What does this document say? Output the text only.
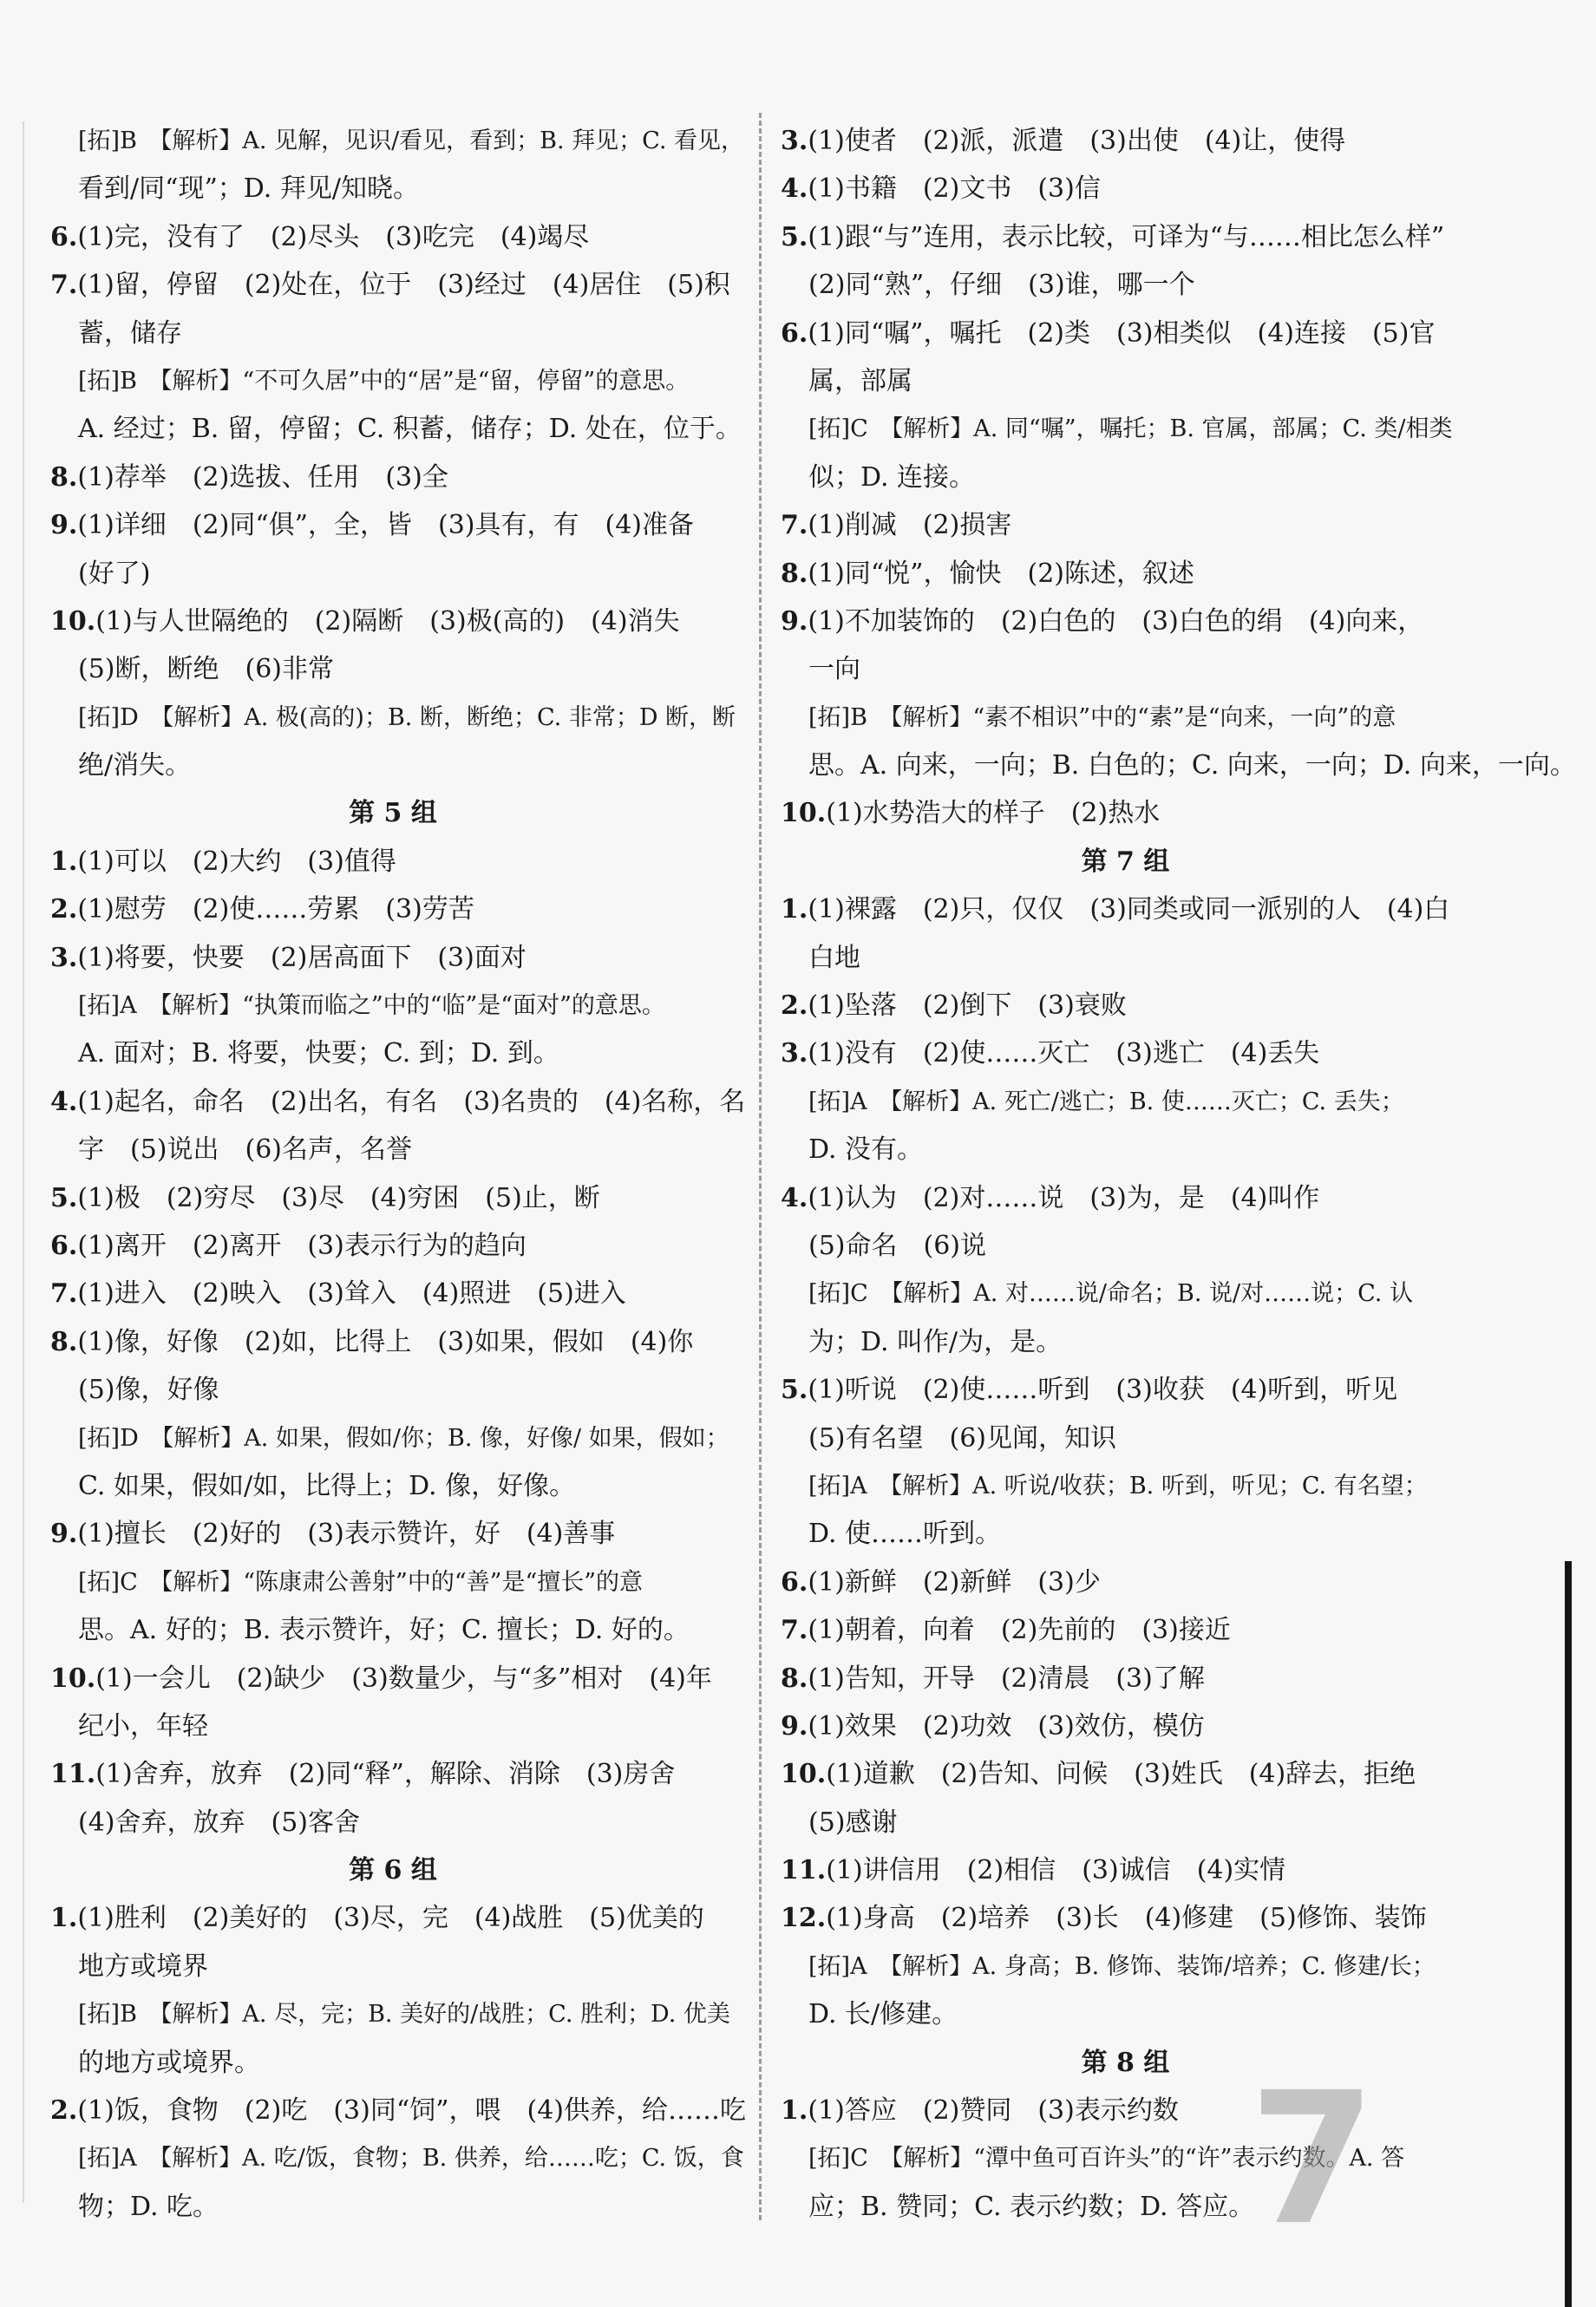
[拓]B　【解析】A. 见解，见识/看见，看到；B. 拜见；C. 看见，
看到/同“现”；D. 拜见/知晓。
6.(1)完，没有了　(2)尽头　(3)吃完　(4)竭尽
7.(1)留，停留　(2)处在，位于　(3)经过　(4)居住　(5)积
蓄，储存
[拓]B　【解析】“不可久居”中的“居”是“留，停留”的意思。
A. 经过；B. 留，停留；C. 积蓄，储存；D. 处在，位于。
8.(1)荐举　(2)选拔、任用　(3)全
9.(1)详细　(2)同“俱”，全，皆　(3)具有，有　(4)准备
(好了)
10.(1)与人世隔绝的　(2)隔断　(3)极(高的)　(4)消失
(5)断，断绝　(6)非常
[拓]D　【解析】A. 极(高的)；B. 断，断绝；C. 非常；D 断，断
绝/消失。
第 5 组
1.(1)可以　(2)大约　(3)值得
2.(1)慰劳　(2)使……劳累　(3)劳苦
3.(1)将要，快要　(2)居高面下　(3)面对
[拓]A　【解析】“执策而临之”中的“临”是“面对”的意思。
A. 面对；B. 将要，快要；C. 到；D. 到。
4.(1)起名，命名　(2)出名，有名　(3)名贵的　(4)名称，名
字　(5)说出　(6)名声，名誉
5.(1)极　(2)穷尽　(3)尽　(4)穷困　(5)止，断
6.(1)离开　(2)离开　(3)表示行为的趋向
7.(1)进入　(2)映入　(3)耸入　(4)照进　(5)进入
8.(1)像，好像　(2)如，比得上　(3)如果，假如　(4)你
(5)像，好像
[拓]D　【解析】A. 如果，假如/你；B. 像，好像/ 如果，假如；
C. 如果，假如/如，比得上；D. 像，好像。
9.(1)擅长　(2)好的　(3)表示赞许，好　(4)善事
[拓]C　【解析】“陈康肃公善射”中的“善”是“擅长”的意
思。A. 好的；B. 表示赞许，好；C. 擅长；D. 好的。
10.(1)一会儿　(2)缺少　(3)数量少，与“多”相对　(4)年
纪小，年轻
11.(1)舍弃，放弃　(2)同“释”，解除、消除　(3)房舍
(4)舍弃，放弃　(5)客舍
第 6 组
1.(1)胜利　(2)美好的　(3)尽，完　(4)战胜　(5)优美的
地方或境界
[拓]B　【解析】A. 尽，完；B. 美好的/战胜；C. 胜利；D. 优美
的地方或境界。
2.(1)饭，食物　(2)吃　(3)同“饲”，喂　(4)供养，给……吃
[拓]A　【解析】A. 吃/饭，食物；B. 供养，给……吃；C. 饭，食
物；D. 吃。
3.(1)使者　(2)派，派遣　(3)出使　(4)让，使得
4.(1)书籍　(2)文书　(3)信
5.(1)跟“与”连用，表示比较，可译为“与……相比怎么样”
(2)同“熟”，仔细　(3)谁，哪一个
6.(1)同“嘱”，嘱托　(2)类　(3)相类似　(4)连接　(5)官
属，部属
[拓]C　【解析】A. 同“嘱”，嘱托；B. 官属，部属；C. 类/相类
似；D. 连接。
7.(1)削减　(2)损害
8.(1)同“悦”，愉快　(2)陈述，叙述
9.(1)不加装饰的　(2)白色的　(3)白色的绢　(4)向来，
一向
[拓]B　【解析】“素不相识”中的“素”是“向来，一向”的意
思。A. 向来，一向；B. 白色的；C. 向来，一向；D. 向来，一向。
10.(1)水势浩大的样子　(2)热水
第 7 组
1.(1)裸露　(2)只，仅仅　(3)同类或同一派别的人　(4)白
白地
2.(1)坠落　(2)倒下　(3)衰败
3.(1)没有　(2)使……灭亡　(3)逃亡　(4)丢失
[拓]A　【解析】A. 死亡/逃亡；B. 使……灭亡；C. 丢失；
D. 没有。
4.(1)认为　(2)对……说　(3)为，是　(4)叫作
(5)命名　(6)说
[拓]C　【解析】A. 对……说/命名；B. 说/对……说；C. 认
为；D. 叫作/为，是。
5.(1)听说　(2)使……听到　(3)收获　(4)听到，听见
(5)有名望　(6)见闻，知识
[拓]A　【解析】A. 听说/收获；B. 听到，听见；C. 有名望；
D. 使……听到。
6.(1)新鲜　(2)新鲜　(3)少
7.(1)朝着，向着　(2)先前的　(3)接近
8.(1)告知，开导　(2)清晨　(3)了解
9.(1)效果　(2)功效　(3)效仿，模仿
10.(1)道歉　(2)告知、问候　(3)姓氏　(4)辞去，拒绝
(5)感谢
11.(1)讲信用　(2)相信　(3)诚信　(4)实情
12.(1)身高　(2)培养　(3)长　(4)修建　(5)修饰、装饰
[拓]A　【解析】A. 身高；B. 修饰、装饰/培养；C. 修建/长；
D. 长/修建。
第 8 组
1.(1)答应　(2)赞同　(3)表示约数
[拓]C　【解析】“潭中鱼可百许头”的“许”表示约数。A. 答
应；B. 赞同；C. 表示约数；D. 答应。
7
